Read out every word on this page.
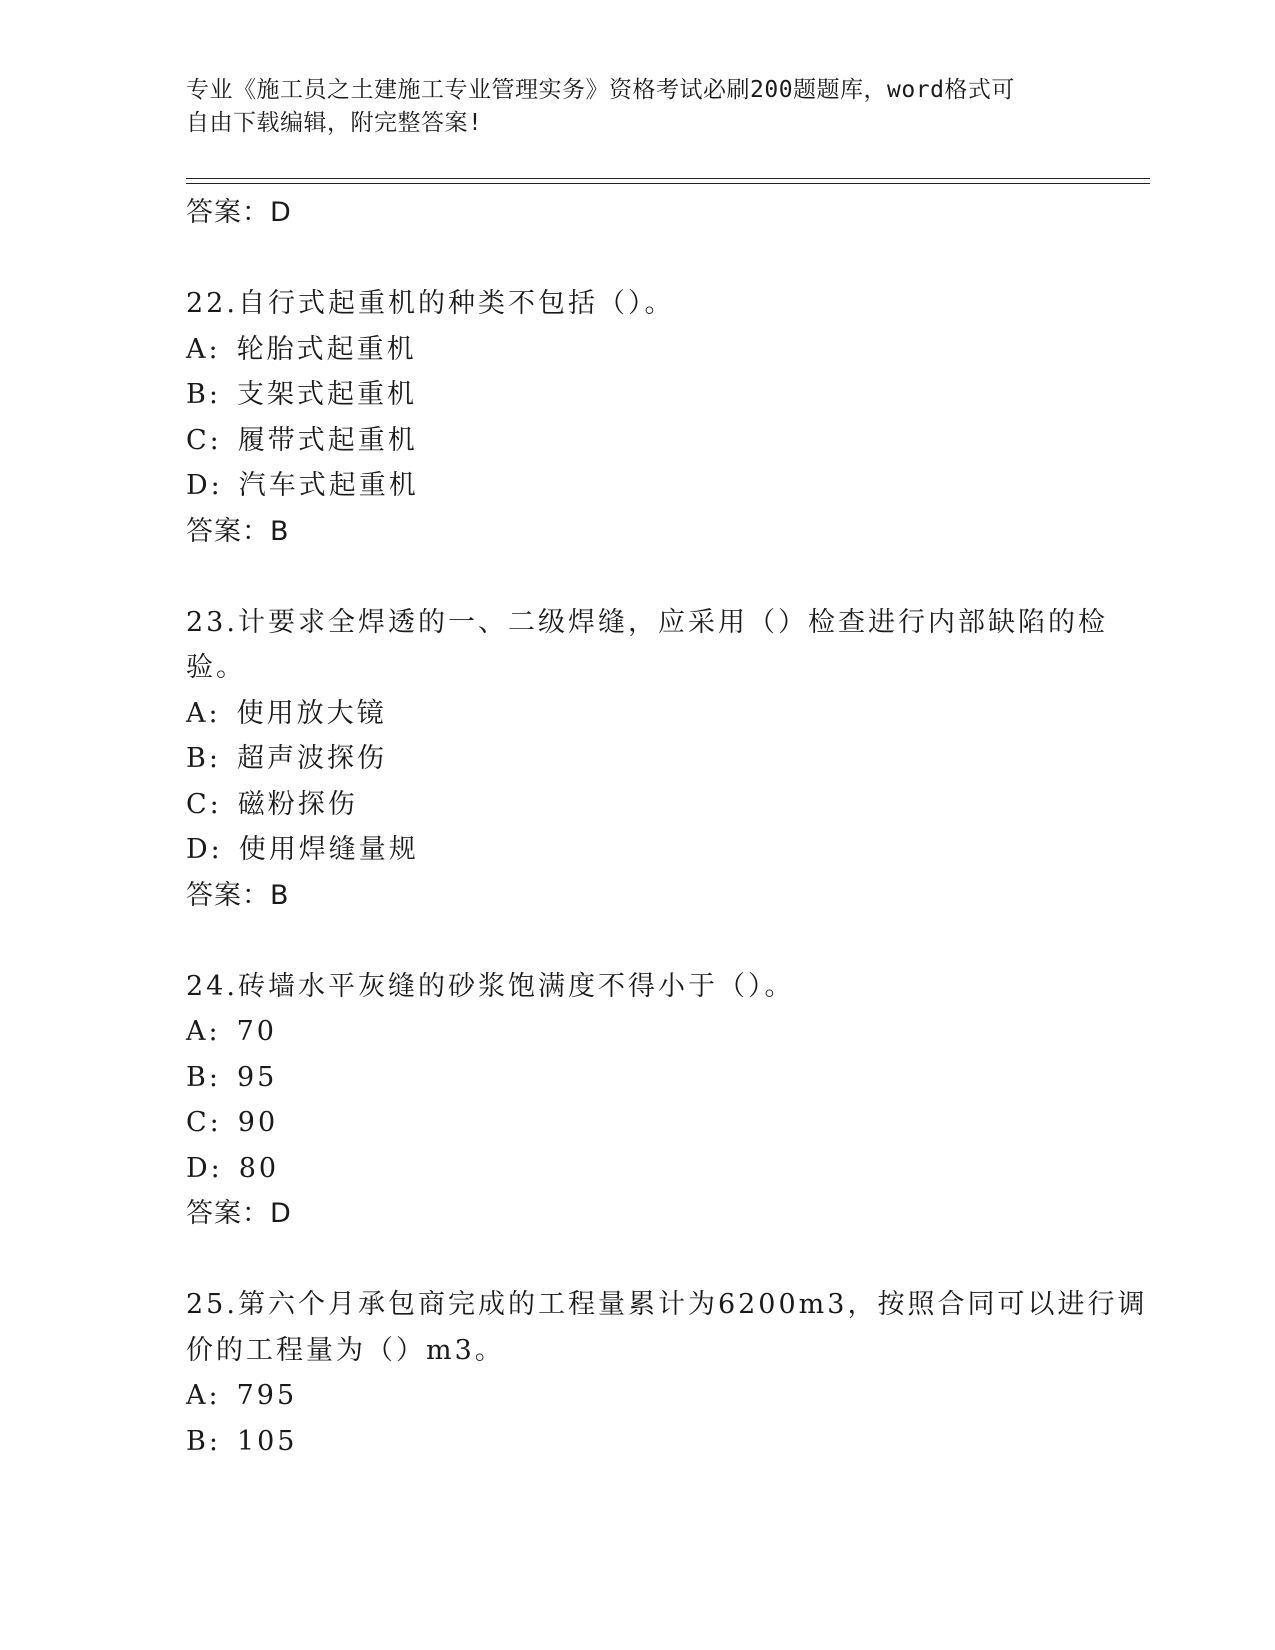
专业《施工员之土建施工专业管理实务》资格考试必刷200题题库，word格式可
自由下载编辑，附完整答案!
答案：D
22.自行式起重机的种类不包括（）。
A: 轮胎式起重机
B: 支架式起重机
C: 履带式起重机
D: 汽车式起重机
答案：B
23.计要求全焊透的一、二级焊缝，应采用（）检查进行内部缺陷的检
验。
A: 使用放大镜
B: 超声波探伤
C: 磁粉探伤
D: 使用焊缝量规
答案：B
24.砖墙水平灰缝的砂浆饱满度不得小于（）。
A: 70
B: 95
C: 90
D: 80
答案：D
25.第六个月承包商完成的工程量累计为6200m3，按照合同可以进行调
价的工程量为（）m3。
A: 795
B: 105
